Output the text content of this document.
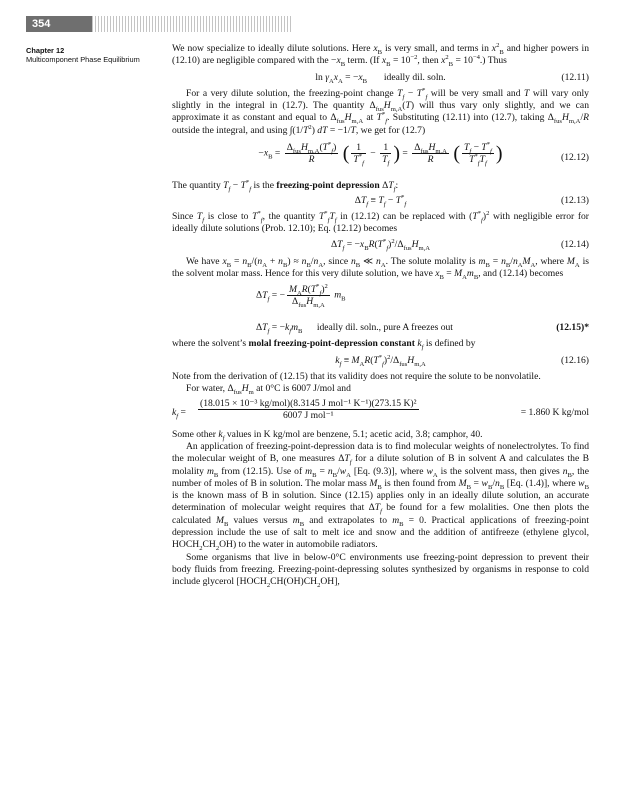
354
Chapter 12
Multicomponent Phase Equilibrium

We now specialize to ideally dilute solutions. Here $x_B$ is very small, and terms in $x^2_B$ and higher powers in (12.10) are negligible compared with the $-x_B$ term. (If $x_B = 10^{-2}$, then $x^2_B = 10^{-4}$.) Thus

$\ln \gamma_Ax_A = -x_B$ ideally dil. soln.	(12.11)

For a very dilute solution, the freezing-point change $T_f - T^*_f$ will be very small and T will vary only slightly in the integral in (12.7). The quantity $\Delta_{fus}H_{m,A}(T)$ will thus vary only slightly, and we can approximate it as constant and equal to $\Delta_{fus}H_{m,A}$ at $T^*_f$. Substituting (12.11) into (12.7), taking $\Delta_{fus}H_{m,A}/R$ outside the integral, and using $\int(1/T^2)$ dT = −1/T, we get for (12.7)

$-x_B = \frac{\Delta_{fus}H_{m,A}(T^*_f)}{R}$ ( $\frac{1}{T^*_f} - \frac{1}{T_f}$ ) = $\frac{\Delta_{fus}H_{m,A}}{R}$ ( $\frac{T_f - T^*_f}{T^*_fT_f}$ )	(12.12)

The quantity $T_f - T^*_f$ is the freezing-point depression $\Delta T_f$:

$\Delta T_f \equiv T_f - T^*_f$	(12.13)

Since $T_f$ is close to $T^*_f$, the quantity $T^*_fT_f$ in (12.12) can be replaced with $(T^*_f)^2$ with negligible error for ideally dilute solutions (Prob. 12.10); Eq. (12.12) becomes

$\Delta T_f = -x_BR(T^*_f)^2/\Delta_{fus}H_{m,A}$	(12.14)

We have $x_B = n_B/(n_A + n_B) \approx n_B/n_A$, since $n_B$ ≪ $n_A$. The solute molality is $m_B = n_B/n_AM_A$, where $M_A$ is the solvent molar mass. Hence for this very dilute solution, we have $x_B = M_Am_B$, and (12.14) becomes

$\Delta T_f$ = − $\frac{M_AR(T^*_f)^2}{\Delta_{fus}H_{m,A}} m_B$
$\Delta T_f = -k_fm_B$ ideally dil. soln., pure A freezes out	(12.15)*

where the solvent’s molal freezing-point-depression constant $k_f$ is defined by

$k_f \equiv M_AR(T^*_f)^2/\Delta_{fus}H_{m,A}$	(12.16)

Note from the derivation of (12.15) that its validity does not require the solute to be nonvolatile.

For water, $\Delta_{fus}H_m$ at 0°C is 6007 J/mol and

$k_f$ =
(18.015 × 10⁻³ kg/mol)(8.3145 J mol⁻¹ K⁻¹)(273.15 K)²
6007 J mol⁻¹	= 1.860 K kg/mol

Some other $k_f$ values in K kg/mol are benzene, 5.1; acetic acid, 3.8; camphor, 40.

An application of freezing-point-depression data is to find molecular weights of nonelectrolytes. To find the molecular weight of B, one measures $\Delta T_f$ for a dilute solution of B in solvent A and calculates the B molality $m_B$ from (12.15). Use of $m_B = n_B/w_A$ [Eq. (9.3)], where $w_A$ is the solvent mass, then gives $n_B$, the number of moles of B in solution. The molar mass $M_B$ is then found from $M_B = w_B/n_B$ [Eq. (1.4)], where $w_B$ is the known mass of B in solution. Since (12.15) applies only in an ideally dilute solution, an accurate determination of molecular weight requires that $\Delta T_f$ be found for a few molalities. One then plots the calculated $M_B$ values versus $m_B$ and extrapolates to $m_B = 0$. Practical applications of freezing-point depression include the use of salt to melt ice and snow and the addition of antifreeze (ethylene glycol, $HOCH_2CH_2OH$) to the water in automobile radiators.

Some organisms that live in below-0°C environments use freezing-point depression to prevent their body fluids from freezing. Freezing-point-depressing solutes synthesized by organisms in response to cold include glycerol $[HOCH_2CH(OH)CH_2OH]$,
